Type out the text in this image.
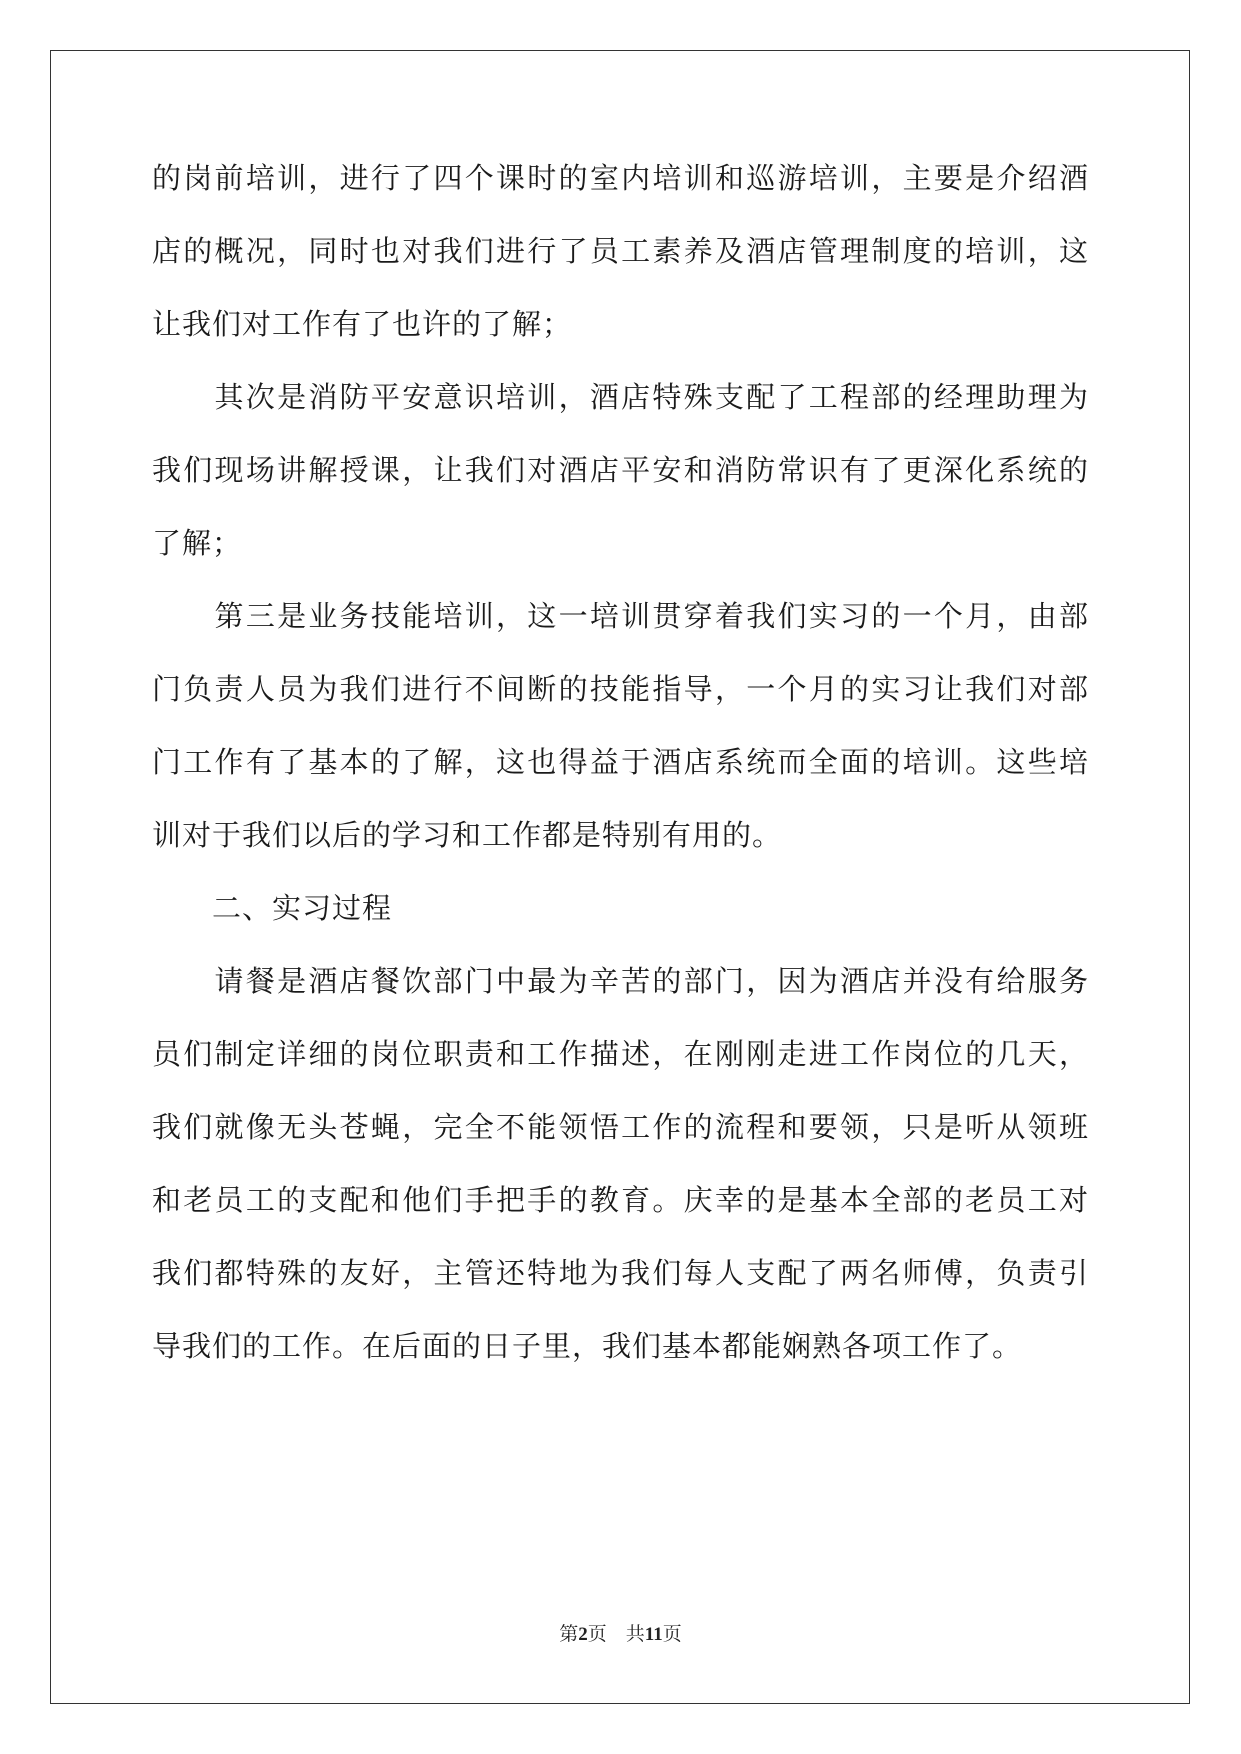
的岗前培训，进行了四个课时的室内培训和巡游培训，主要是介绍酒
店的概况，同时也对我们进行了员工素养及酒店管理制度的培训，这
让我们对工作有了也许的了解；
　　其次是消防平安意识培训，酒店特殊支配了工程部的经理助理为
我们现场讲解授课，让我们对酒店平安和消防常识有了更深化系统的
了解；
　　第三是业务技能培训，这一培训贯穿着我们实习的一个月，由部
门负责人员为我们进行不间断的技能指导，一个月的实习让我们对部
门工作有了基本的了解，这也得益于酒店系统而全面的培训。这些培
训对于我们以后的学习和工作都是特别有用的。
　　二、实习过程
　　请餐是酒店餐饮部门中最为辛苦的部门，因为酒店并没有给服务
员们制定详细的岗位职责和工作描述，在刚刚走进工作岗位的几天，
我们就像无头苍蝇，完全不能领悟工作的流程和要领，只是听从领班
和老员工的支配和他们手把手的教育。庆幸的是基本全部的老员工对
我们都特殊的友好，主管还特地为我们每人支配了两名师傅，负责引
导我们的工作。在后面的日子里，我们基本都能娴熟各项工作了。
第2页　 共11页
